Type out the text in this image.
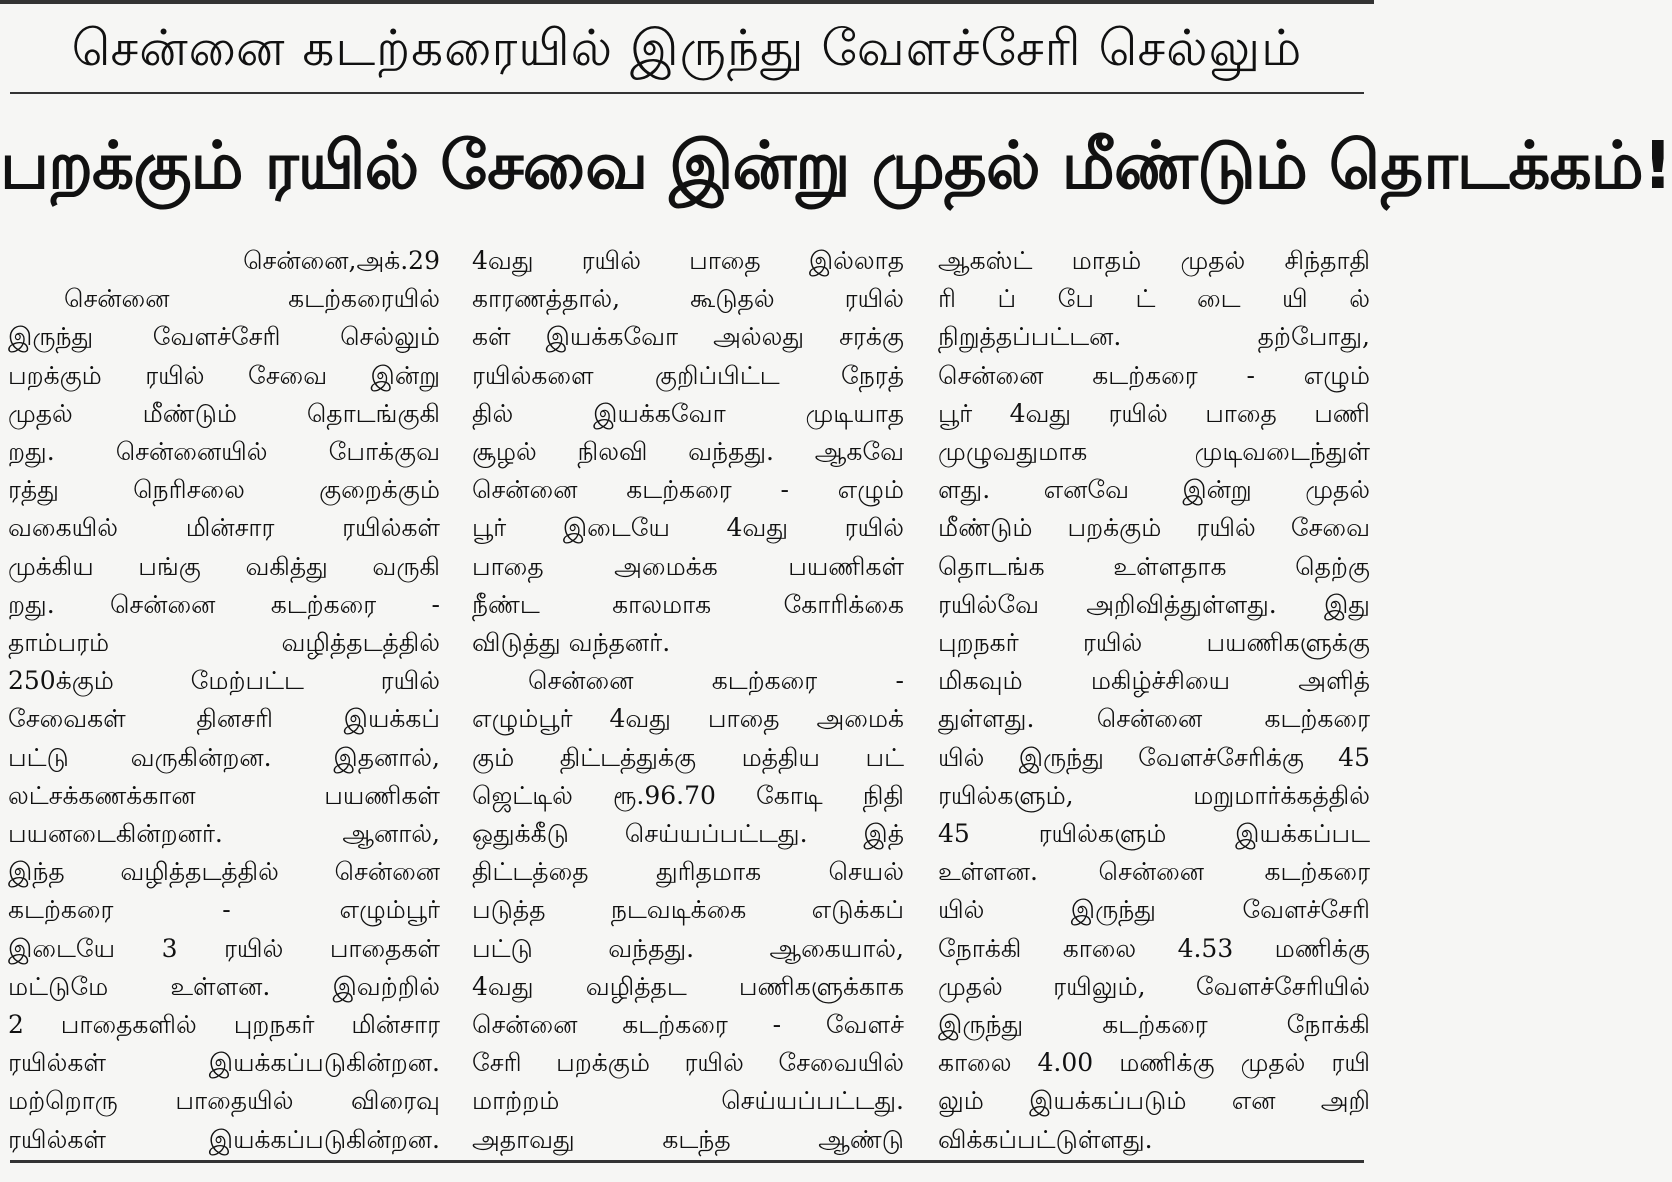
சென்னை கடற்கரையில் இருந்து வேளச்சேரி செல்லும்
பறக்கும் ரயில் சேவை இன்று முதல் மீண்டும் தொடக்கம்!
சென்னை,அக்.29
சென்னை கடற்கரையில்
இருந்து வேளச்சேரி செல்லும்
பறக்கும் ரயில் சேவை இன்று
முதல் மீண்டும் தொடங்குகி
றது. சென்னையில் போக்குவ
ரத்து நெரிசலை குறைக்கும்
வகையில் மின்சார ரயில்கள்
முக்கிய பங்கு வகித்து வருகி
றது. சென்னை கடற்கரை -
தாம்பரம் வழித்தடத்தில்
250க்கும் மேற்பட்ட ரயில்
சேவைகள் தினசரி இயக்கப்
பட்டு வருகின்றன. இதனால்,
லட்சக்கணக்கான பயணிகள்
பயனடைகின்றனர். ஆனால்,
இந்த வழித்தடத்தில் சென்னை
கடற்கரை - எழும்பூர்
இடையே 3 ரயில் பாதைகள்
மட்டுமே உள்ளன. இவற்றில்
2 பாதைகளில் புறநகர் மின்சார
ரயில்கள் இயக்கப்படுகின்றன.
மற்றொரு பாதையில் விரைவு
ரயில்கள் இயக்கப்படுகின்றன.
4வது ரயில் பாதை இல்லாத
காரணத்தால், கூடுதல் ரயில்
கள் இயக்கவோ அல்லது சரக்கு
ரயில்களை குறிப்பிட்ட நேரத்
தில் இயக்கவோ முடியாத
சூழல் நிலவி வந்தது. ஆகவே
சென்னை கடற்கரை - எழும்
பூர் இடையே 4வது ரயில்
பாதை அமைக்க பயணிகள்
நீண்ட காலமாக கோரிக்கை
விடுத்து வந்தனர்.
சென்னை கடற்கரை -
எழும்பூர் 4வது பாதை அமைக்
கும் திட்டத்துக்கு மத்திய பட்
ஜெட்டில் ரூ.96.70 கோடி நிதி
ஒதுக்கீடு செய்யப்பட்டது. இத்
திட்டத்தை துரிதமாக செயல்
படுத்த நடவடிக்கை எடுக்கப்
பட்டு வந்தது. ஆகையால்,
4வது வழித்தட பணிகளுக்காக
சென்னை கடற்கரை - வேளச்
சேரி பறக்கும் ரயில் சேவையில்
மாற்றம் செய்யப்பட்டது.
அதாவது கடந்த ஆண்டு
ஆகஸ்ட் மாதம் முதல் சிந்தாதி
ரி ப் பே ட் டை யி ல்
நிறுத்தப்பட்டன. தற்போது,
சென்னை கடற்கரை - எழும்
பூர் 4வது ரயில் பாதை பணி
முழுவதுமாக முடிவடைந்துள்
ளது. எனவே இன்று முதல்
மீண்டும் பறக்கும் ரயில் சேவை
தொடங்க உள்ளதாக தெற்கு
ரயில்வே அறிவித்துள்ளது. இது
புறநகர் ரயில் பயணிகளுக்கு
மிகவும் மகிழ்ச்சியை அளித்
துள்ளது. சென்னை கடற்கரை
யில் இருந்து வேளச்சேரிக்கு 45
ரயில்களும், மறுமார்க்கத்தில்
45 ரயில்களும் இயக்கப்பட
உள்ளன. சென்னை கடற்கரை
யில் இருந்து வேளச்சேரி
நோக்கி காலை 4.53 மணிக்கு
முதல் ரயிலும், வேளச்சேரியில்
இருந்து கடற்கரை நோக்கி
காலை 4.00 மணிக்கு முதல் ரயி
லும் இயக்கப்படும் என அறி
விக்கப்பட்டுள்ளது.
